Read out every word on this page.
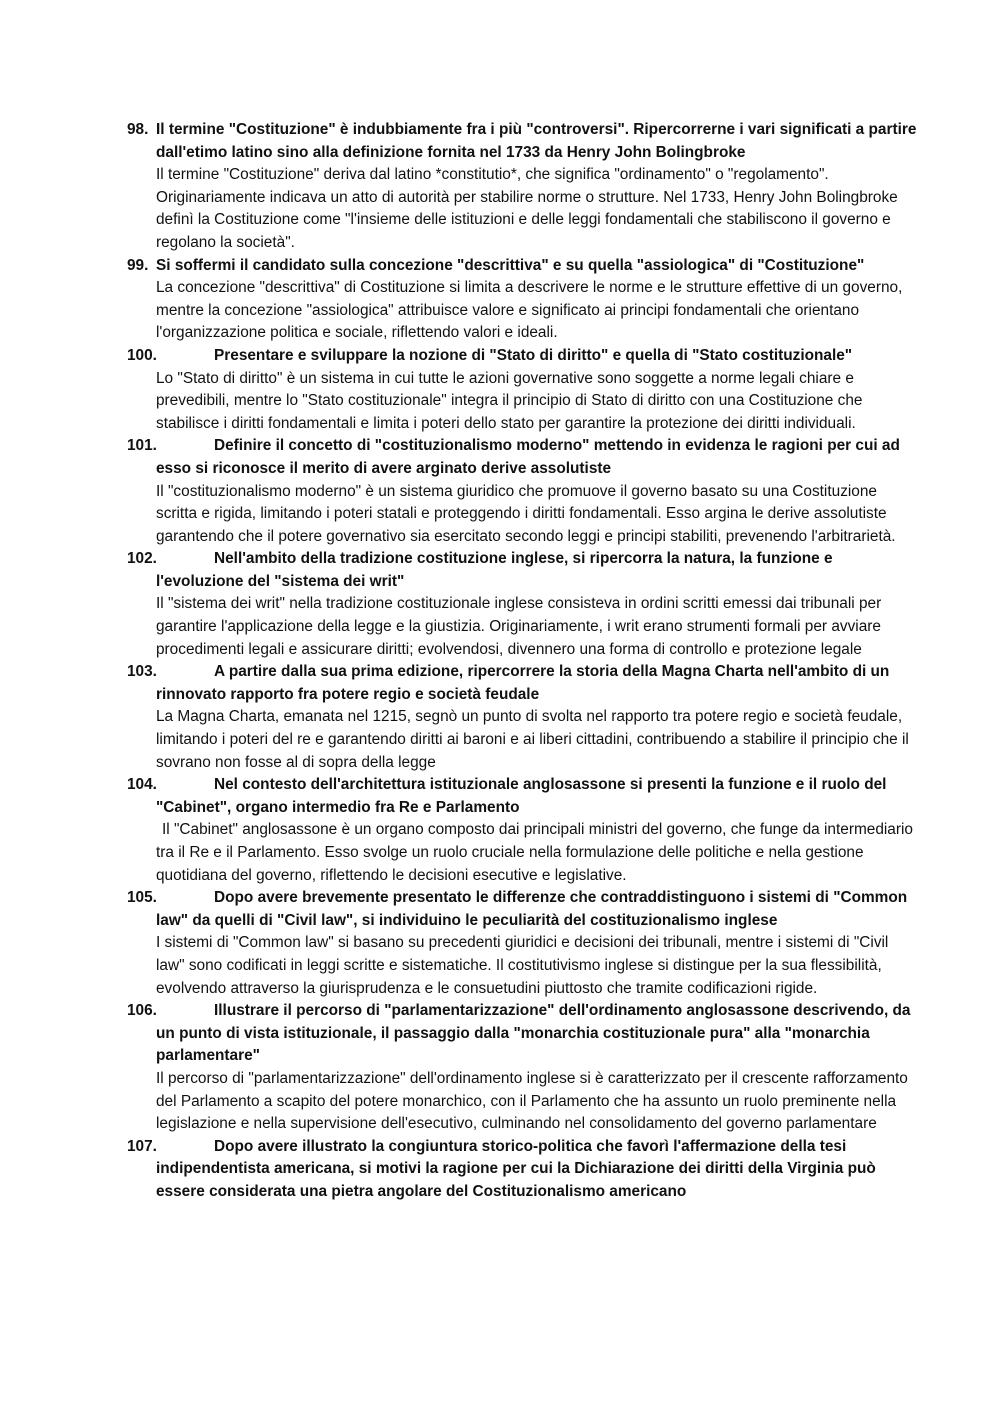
98. Il termine "Costituzione" è indubbiamente fra i più "controversi". Ripercorrerne i vari significati a partire dall'etimo latino sino alla definizione fornita nel 1733 da Henry John Bolingbroke

Il termine "Costituzione" deriva dal latino *constitutio*, che significa "ordinamento" o "regolamento". Originariamente indicava un atto di autorità per stabilire norme o strutture. Nel 1733, Henry John Bolingbroke definì la Costituzione come "l'insieme delle istituzioni e delle leggi fondamentali che stabiliscono il governo e regolano la società".

99. Si soffermi il candidato sulla concezione "descrittiva" e su quella "assiologica" di "Costituzione"

La concezione "descrittiva" di Costituzione si limita a descrivere le norme e le strutture effettive di un governo, mentre la concezione "assiologica" attribuisce valore e significato ai principi fondamentali che orientano l'organizzazione politica e sociale, riflettendo valori e ideali.

100.	Presentare e sviluppare la nozione di "Stato di diritto" e quella di "Stato costituzionale"

Lo "Stato di diritto" è un sistema in cui tutte le azioni governative sono soggette a norme legali chiare e prevedibili, mentre lo "Stato costituzionale" integra il principio di Stato di diritto con una Costituzione che stabilisce i diritti fondamentali e limita i poteri dello stato per garantire la protezione dei diritti individuali.

101.	Definire il concetto di "costituzionalismo moderno" mettendo in evidenza le ragioni per cui ad esso si riconosce il merito di avere arginato derive assolutiste

Il "costituzionalismo moderno" è un sistema giuridico che promuove il governo basato su una Costituzione scritta e rigida, limitando i poteri statali e proteggendo i diritti fondamentali. Esso argina le derive assolutiste garantendo che il potere governativo sia esercitato secondo leggi e principi stabiliti, prevenendo l'arbitrarietà.

102.	Nell'ambito della tradizione costituzione inglese, si ripercorra la natura, la funzione e l'evoluzione del "sistema dei writ"

Il "sistema dei writ" nella tradizione costituzionale inglese consisteva in ordini scritti emessi dai tribunali per garantire l'applicazione della legge e la giustizia. Originariamente, i writ erano strumenti formali per avviare procedimenti legali e assicurare diritti; evolvendosi, divennero una forma di controllo e protezione legale

103.	A partire dalla sua prima edizione, ripercorrere la storia della Magna Charta nell'ambito di un rinnovato rapporto fra potere regio e società feudale

La Magna Charta, emanata nel 1215, segnò un punto di svolta nel rapporto tra potere regio e società feudale, limitando i poteri del re e garantendo diritti ai baroni e ai liberi cittadini, contribuendo a stabilire il principio che il sovrano non fosse al di sopra della legge

104.	Nel contesto dell'architettura istituzionale anglosassone si presenti la funzione e il ruolo del "Cabinet", organo intermedio fra Re e Parlamento

Il "Cabinet" anglosassone è un organo composto dai principali ministri del governo, che funge da intermediario tra il Re e il Parlamento. Esso svolge un ruolo cruciale nella formulazione delle politiche e nella gestione quotidiana del governo, riflettendo le decisioni esecutive e legislative.

105.	Dopo avere brevemente presentato le differenze che contraddistinguono i sistemi di "Common law" da quelli di "Civil law", si individuino le peculiarità del costituzionalismo inglese

I sistemi di "Common law" si basano su precedenti giuridici e decisioni dei tribunali, mentre i sistemi di "Civil law" sono codificati in leggi scritte e sistematiche. Il costitutivismo inglese si distingue per la sua flessibilità, evolvendo attraverso la giurisprudenza e le consuetudini piuttosto che tramite codificazioni rigide.

106.	Illustrare il percorso di "parlamentarizzazione" dell'ordinamento anglosassone descrivendo, da un punto di vista istituzionale, il passaggio dalla "monarchia costituzionale pura" alla "monarchia parlamentare"

Il percorso di "parlamentarizzazione" dell'ordinamento inglese si è caratterizzato per il crescente rafforzamento del Parlamento a scapito del potere monarchico, con il Parlamento che ha assunto un ruolo preminente nella legislazione e nella supervisione dell'esecutivo, culminando nel consolidamento del governo parlamentare

107.	Dopo avere illustrato la congiuntura storico-politica che favorì l'affermazione della tesi indipendentista americana, si motivi la ragione per cui la Dichiarazione dei diritti della Virginia può essere considerata una pietra angolare del Costituzionalismo americano
